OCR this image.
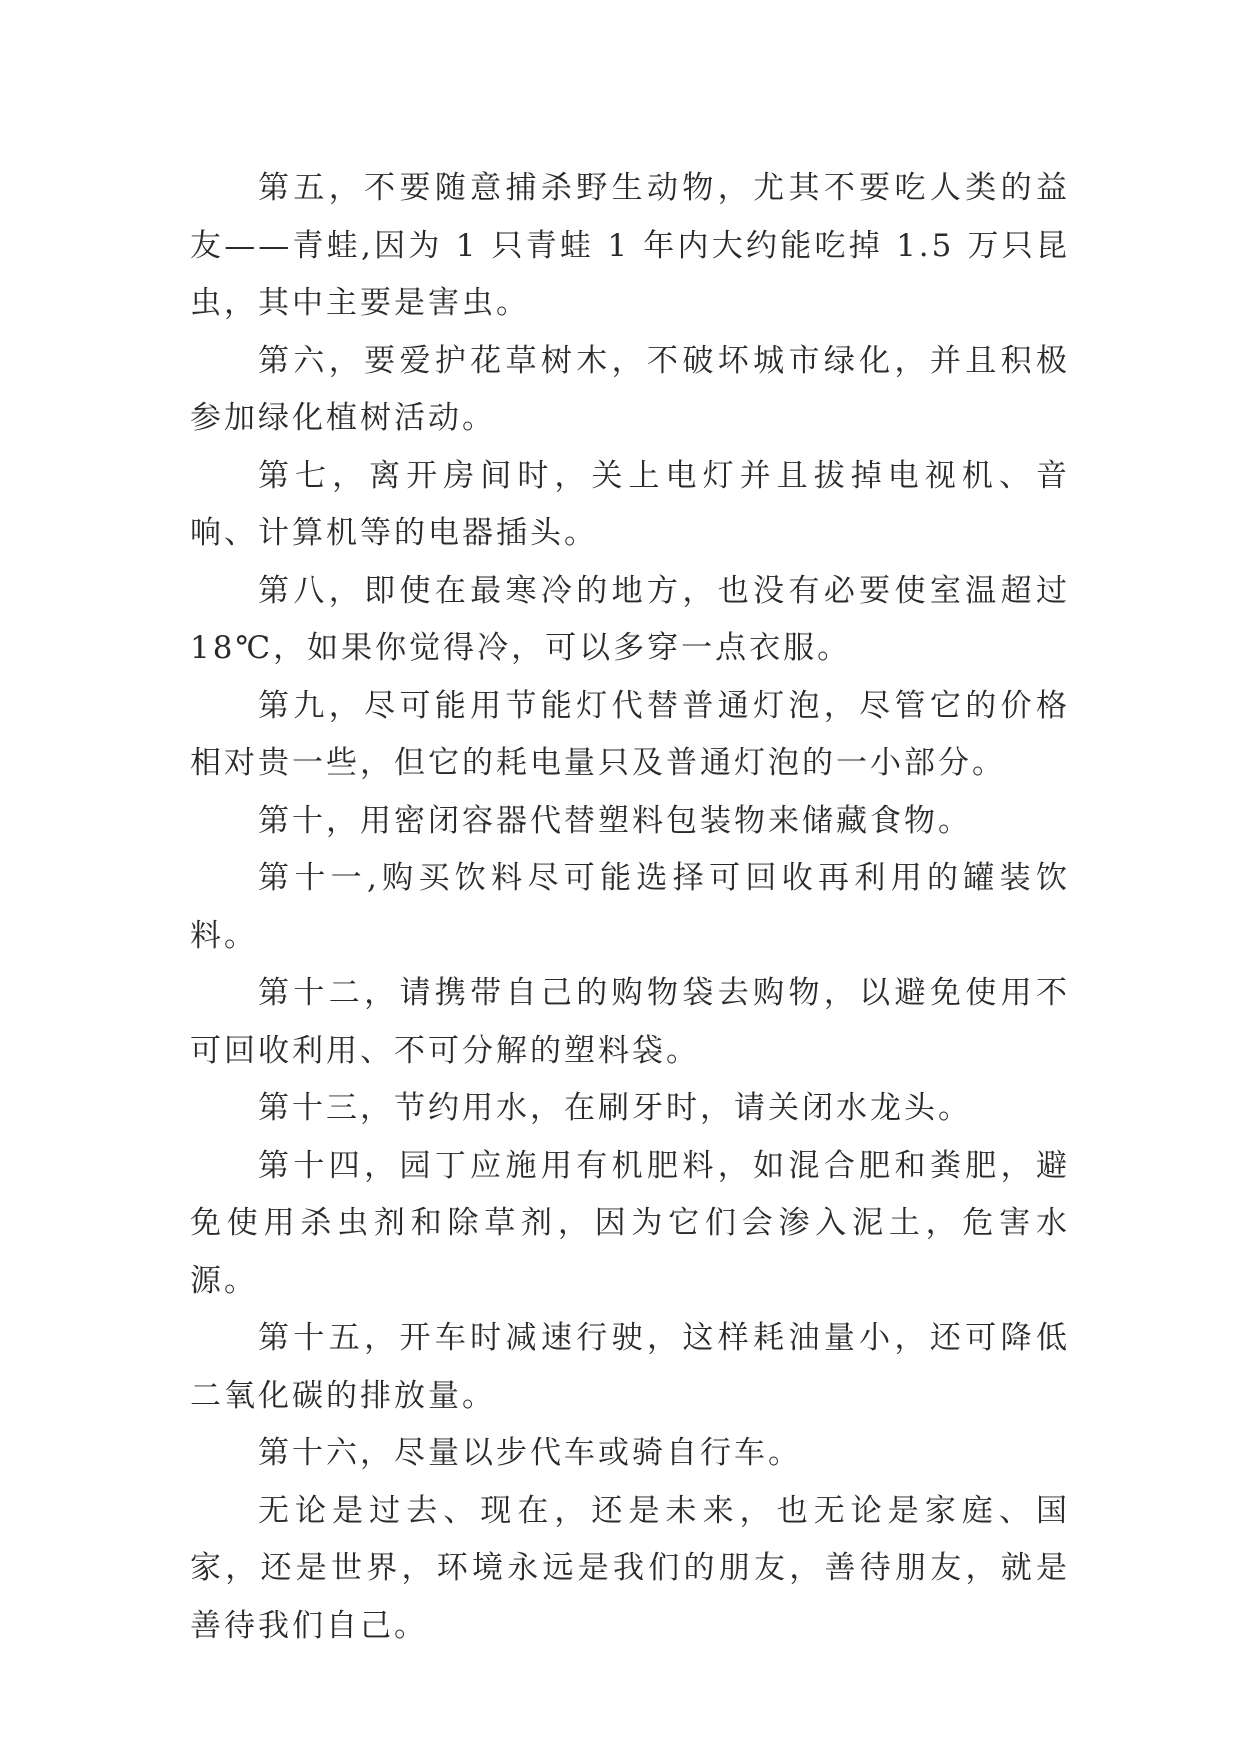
第五，不要随意捕杀野生动物，尤其不要吃人类的益友——青蛙,因为 1 只青蛙 1 年内大约能吃掉 1.5 万只昆虫，其中主要是害虫。

第六，要爱护花草树木，不破坏城市绿化，并且积极参加绿化植树活动。

第七，离开房间时，关上电灯并且拔掉电视机、音响、计算机等的电器插头。

第八，即使在最寒冷的地方，也没有必要使室温超过 18℃，如果你觉得冷，可以多穿一点衣服。

第九，尽可能用节能灯代替普通灯泡，尽管它的价格相对贵一些，但它的耗电量只及普通灯泡的一小部分。

第十，用密闭容器代替塑料包装物来储藏食物。

第十一,购买饮料尽可能选择可回收再利用的罐装饮料。

第十二，请携带自己的购物袋去购物，以避免使用不可回收利用、不可分解的塑料袋。

第十三，节约用水，在刷牙时，请关闭水龙头。

第十四，园丁应施用有机肥料，如混合肥和粪肥，避免使用杀虫剂和除草剂，因为它们会渗入泥土，危害水源。

第十五，开车时减速行驶，这样耗油量小，还可降低二氧化碳的排放量。

第十六，尽量以步代车或骑自行车。

无论是过去、现在，还是未来，也无论是家庭、国家，还是世界，环境永远是我们的朋友，善待朋友，就是善待我们自己。
